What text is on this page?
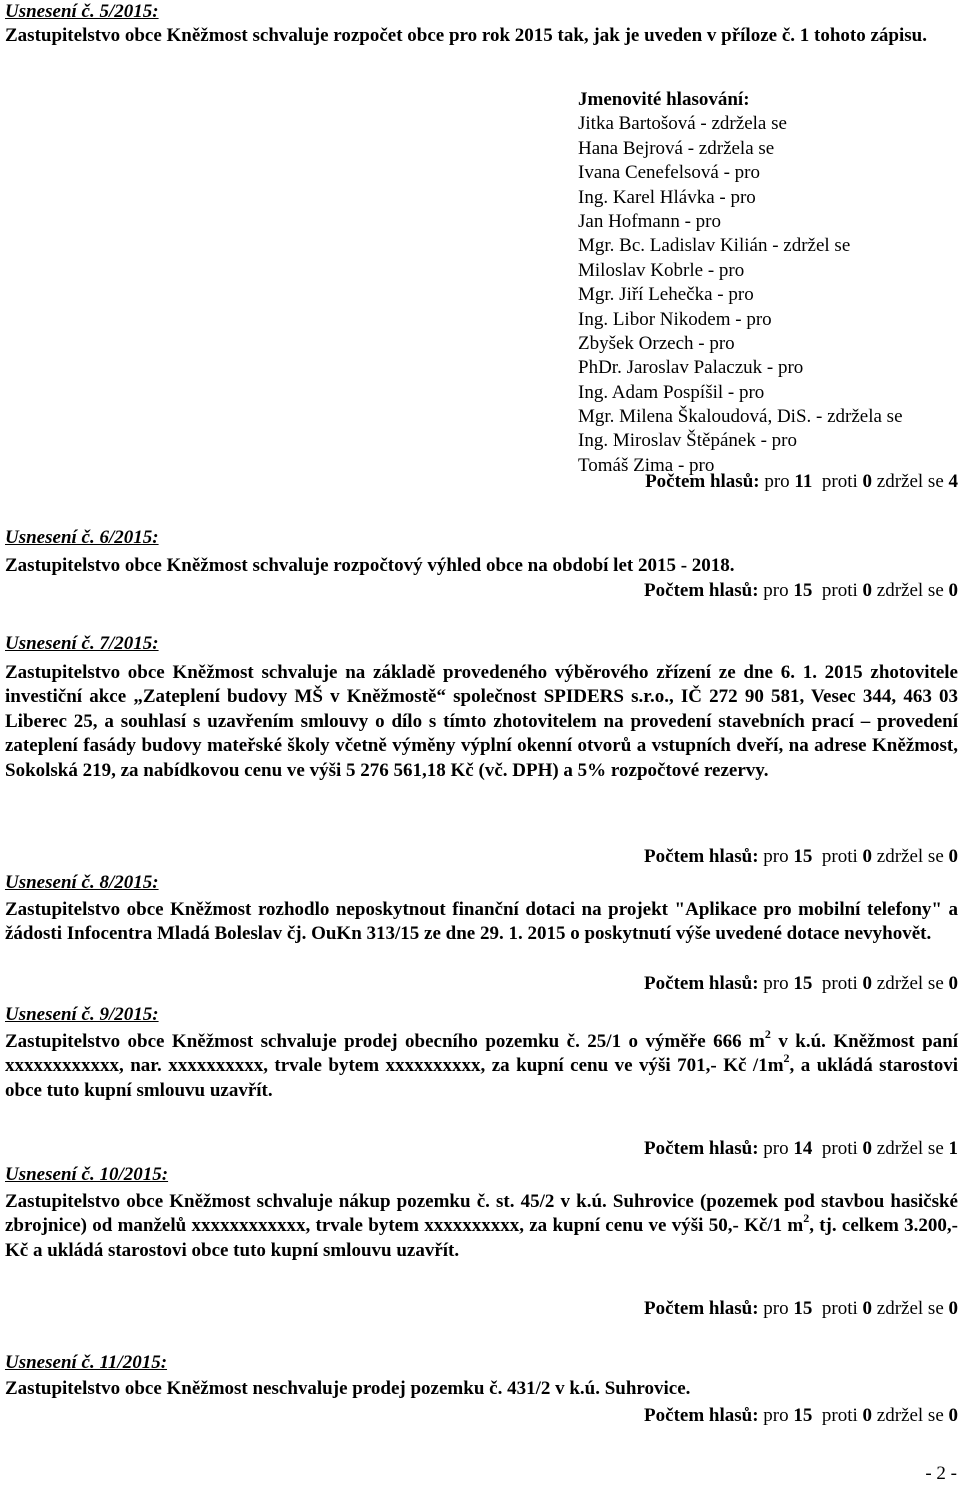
Usnesení č. 5/2015:
Zastupitelstvo obce Kněžmost schvaluje rozpočet obce pro rok 2015 tak, jak je uveden v příloze č. 1 tohoto zápisu.
Jmenovité hlasování:
Jitka Bartošová - zdržela se
Hana Bejrová - zdržela se
Ivana Cenefelsová - pro
Ing. Karel Hlávka - pro
Jan Hofmann - pro
Mgr. Bc. Ladislav Kilián - zdržel se
Miloslav Kobrle - pro
Mgr. Jiří Lehečka - pro
Ing. Libor Nikodem - pro
Zbyšek Orzech - pro
PhDr. Jaroslav Palaczuk - pro
Ing. Adam Pospíšil - pro
Mgr. Milena Škaloudová, DiS. - zdržela se
Ing. Miroslav Štěpánek - pro
Tomáš Zima - pro
Počtem hlasů: pro 11 proti 0 zdržel se 4
Usnesení č. 6/2015:
Zastupitelstvo obce Kněžmost schvaluje rozpočtový výhled obce na období let 2015 - 2018.
Počtem hlasů: pro 15 proti 0 zdržel se 0
Usnesení č. 7/2015:
Zastupitelstvo obce Kněžmost schvaluje na základě provedeného výběrového zřízení ze dne 6. 1. 2015 zhotovitele investiční akce „Zateplení budovy MŠ v Kněžmostě“ společnost SPIDERS s.r.o., IČ 272 90 581, Vesec 344, 463 03 Liberec 25, a souhlasí s uzavřením smlouvy o dílo s tímto zhotovitelem na provedení stavebních prací – provedení zateplení fasády budovy mateřské školy včetně výměny výplní okenní otvorů a vstupních dveří, na adrese Kněžmost, Sokolská 219, za nabídkovou cenu ve výši 5 276 561,18 Kč (vč. DPH) a 5% rozpočtové rezervy.
Počtem hlasů: pro 15 proti 0 zdržel se 0
Usnesení č. 8/2015:
Zastupitelstvo obce Kněžmost rozhodlo neposkytnout finanční dotaci na projekt "Aplikace pro mobilní telefony" a žádosti Infocentra Mladá Boleslav čj. OuKn 313/15 ze dne 29. 1. 2015 o poskytnutí výše uvedené dotace nevyhovět.
Počtem hlasů: pro 15 proti 0 zdržel se 0
Usnesení č. 9/2015:
Zastupitelstvo obce Kněžmost schvaluje prodej obecního pozemku č. 25/1 o výměře 666 $m^2$ v k.ú. Kněžmost paní xxxxxxxxxxxx, nar. xxxxxxxxxx, trvale bytem xxxxxxxxxx, za kupní cenu ve výši 701,- Kč $/1m^2$, a ukládá starostovi obce tuto kupní smlouvu uzavřít.
Počtem hlasů: pro 14 proti 0 zdržel se 1
Usnesení č. 10/2015:
Zastupitelstvo obce Kněžmost schvaluje nákup pozemku č. st. 45/2 v k.ú. Suhrovice (pozemek pod stavbou hasičské zbrojnice) od manželů xxxxxxxxxxxx, trvale bytem xxxxxxxxxx, za kupní cenu ve výši 50,- Kč/1 $m^2$, tj. celkem 3.200,- Kč a ukládá starostovi obce tuto kupní smlouvu uzavřít.
Počtem hlasů: pro 15 proti 0 zdržel se 0
Usnesení č. 11/2015:
Zastupitelstvo obce Kněžmost neschvaluje prodej pozemku č. 431/2 v k.ú. Suhrovice.
Počtem hlasů: pro 15 proti 0 zdržel se 0
- 2 -
